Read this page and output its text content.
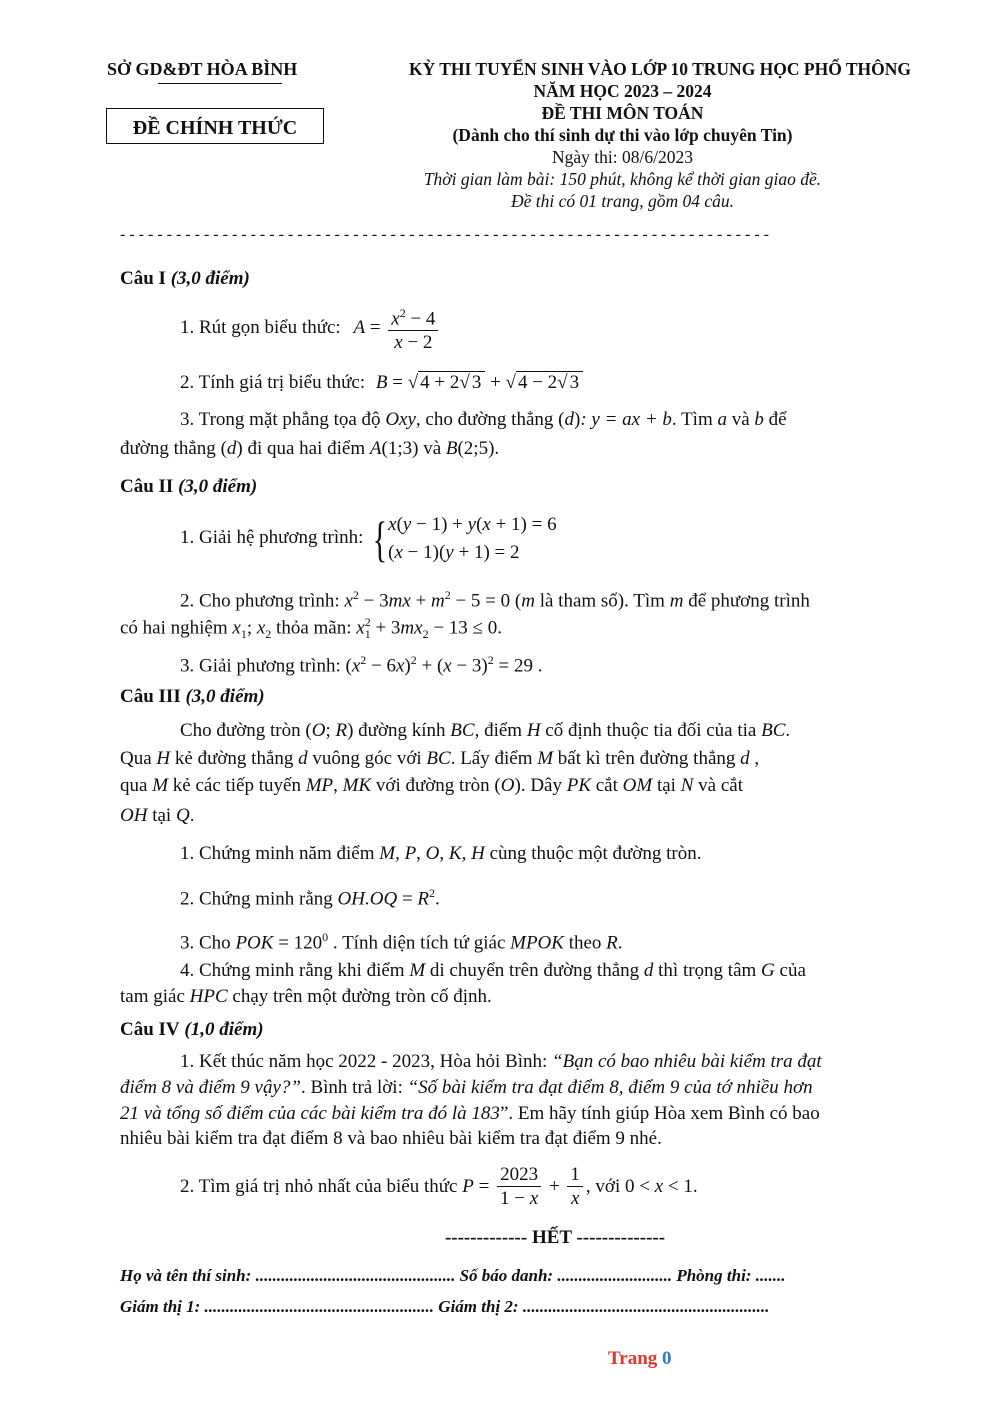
SỞ GD&ĐT HÒA BÌNH
ĐỀ CHÍNH THỨC
KỲ THI TUYỂN SINH VÀO LỚP 10 TRUNG HỌC PHỔ THÔNG
NĂM HỌC 2023 – 2024
ĐỀ THI MÔN TOÁN
(Dành cho thí sinh dự thi vào lớp chuyên Tin)
Ngày thi: 08/6/2023
Thời gian làm bài: 150 phút, không kể thời gian giao đề.
Đề thi có 01 trang, gồm 04 câu.
- - - - - - - - - - - - - - - - - - - - - - - - - - - - - - - - - - - - - - - - - - - - - - - - - - - - - - - - - - - - - - - - - - - - - -
Câu I (3,0 điểm)
1. Rút gọn biểu thức: $A = \frac{x^2 - 4}{x - 2}$
2. Tính giá trị biểu thức: B = √ 4 + 2√ 3 + √ 4 − 2√ 3
3. Trong mặt phẳng tọa độ Oxy, cho đường thẳng (d): y = ax + b. Tìm a và b để
đường thẳng (d) đi qua hai điểm A(1;3) và B(2;5).
Câu II (3,0 điểm)
1. Giải hệ phương trình: { x(y − 1) + y(x + 1) = 6
(x − 1)(y + 1) = 2
2. Cho phương trình: $x^2 - 3mx + m^2 - 5 = 0$ (m là tham số). Tìm m để phương trình
có hai nghiệm $x_1$; $x_2$ thỏa mãn: $x_1^2 + 3mx_2 - 13 \le 0$.
3. Giải phương trình: $(x^2 - 6x)^2 + (x - 3)^2 = 29$ .
Câu III (3,0 điểm)
Cho đường tròn (O; R) đường kính BC, điểm H cố định thuộc tia đối của tia BC.
Qua H kẻ đường thẳng d vuông góc với BC. Lấy điểm M bất kì trên đường thẳng d ,
qua M kẻ các tiếp tuyến MP, MK với đường tròn (O). Dây PK cắt OM tại N và cắt
OH tại Q.
1. Chứng minh năm điểm M, P, O, K, H cùng thuộc một đường tròn.
2. Chứng minh rằng $OH.OQ = R^2$.
3. Cho POK = $120^0$ . Tính diện tích tứ giác MPOK theo R.
4. Chứng minh rằng khi điểm M di chuyển trên đường thẳng d thì trọng tâm G của
tam giác HPC chạy trên một đường tròn cố định.
Câu IV (1,0 điểm)
1. Kết thúc năm học 2022 - 2023, Hòa hỏi Bình: “Bạn có bao nhiêu bài kiểm tra đạt
điểm 8 và điểm 9 vậy?”. Bình trả lời: “Số bài kiểm tra đạt điểm 8, điểm 9 của tớ nhiều hơn
21 và tổng số điểm của các bài kiểm tra đó là 183”. Em hãy tính giúp Hòa xem Bình có bao
nhiêu bài kiểm tra đạt điểm 8 và bao nhiêu bài kiểm tra đạt điểm 9 nhé.
2. Tìm giá trị nhỏ nhất của biểu thức $P = \frac{2023}{1 - x} + \frac{1}{x}$ , với 0 < x < 1.
------------- HẾT --------------
Họ và tên thí sinh: ............................................... Số báo danh: ........................... Phòng thi: .......
Giám thị 1: ...................................................... Giám thị 2: ..........................................................
Trang 0
